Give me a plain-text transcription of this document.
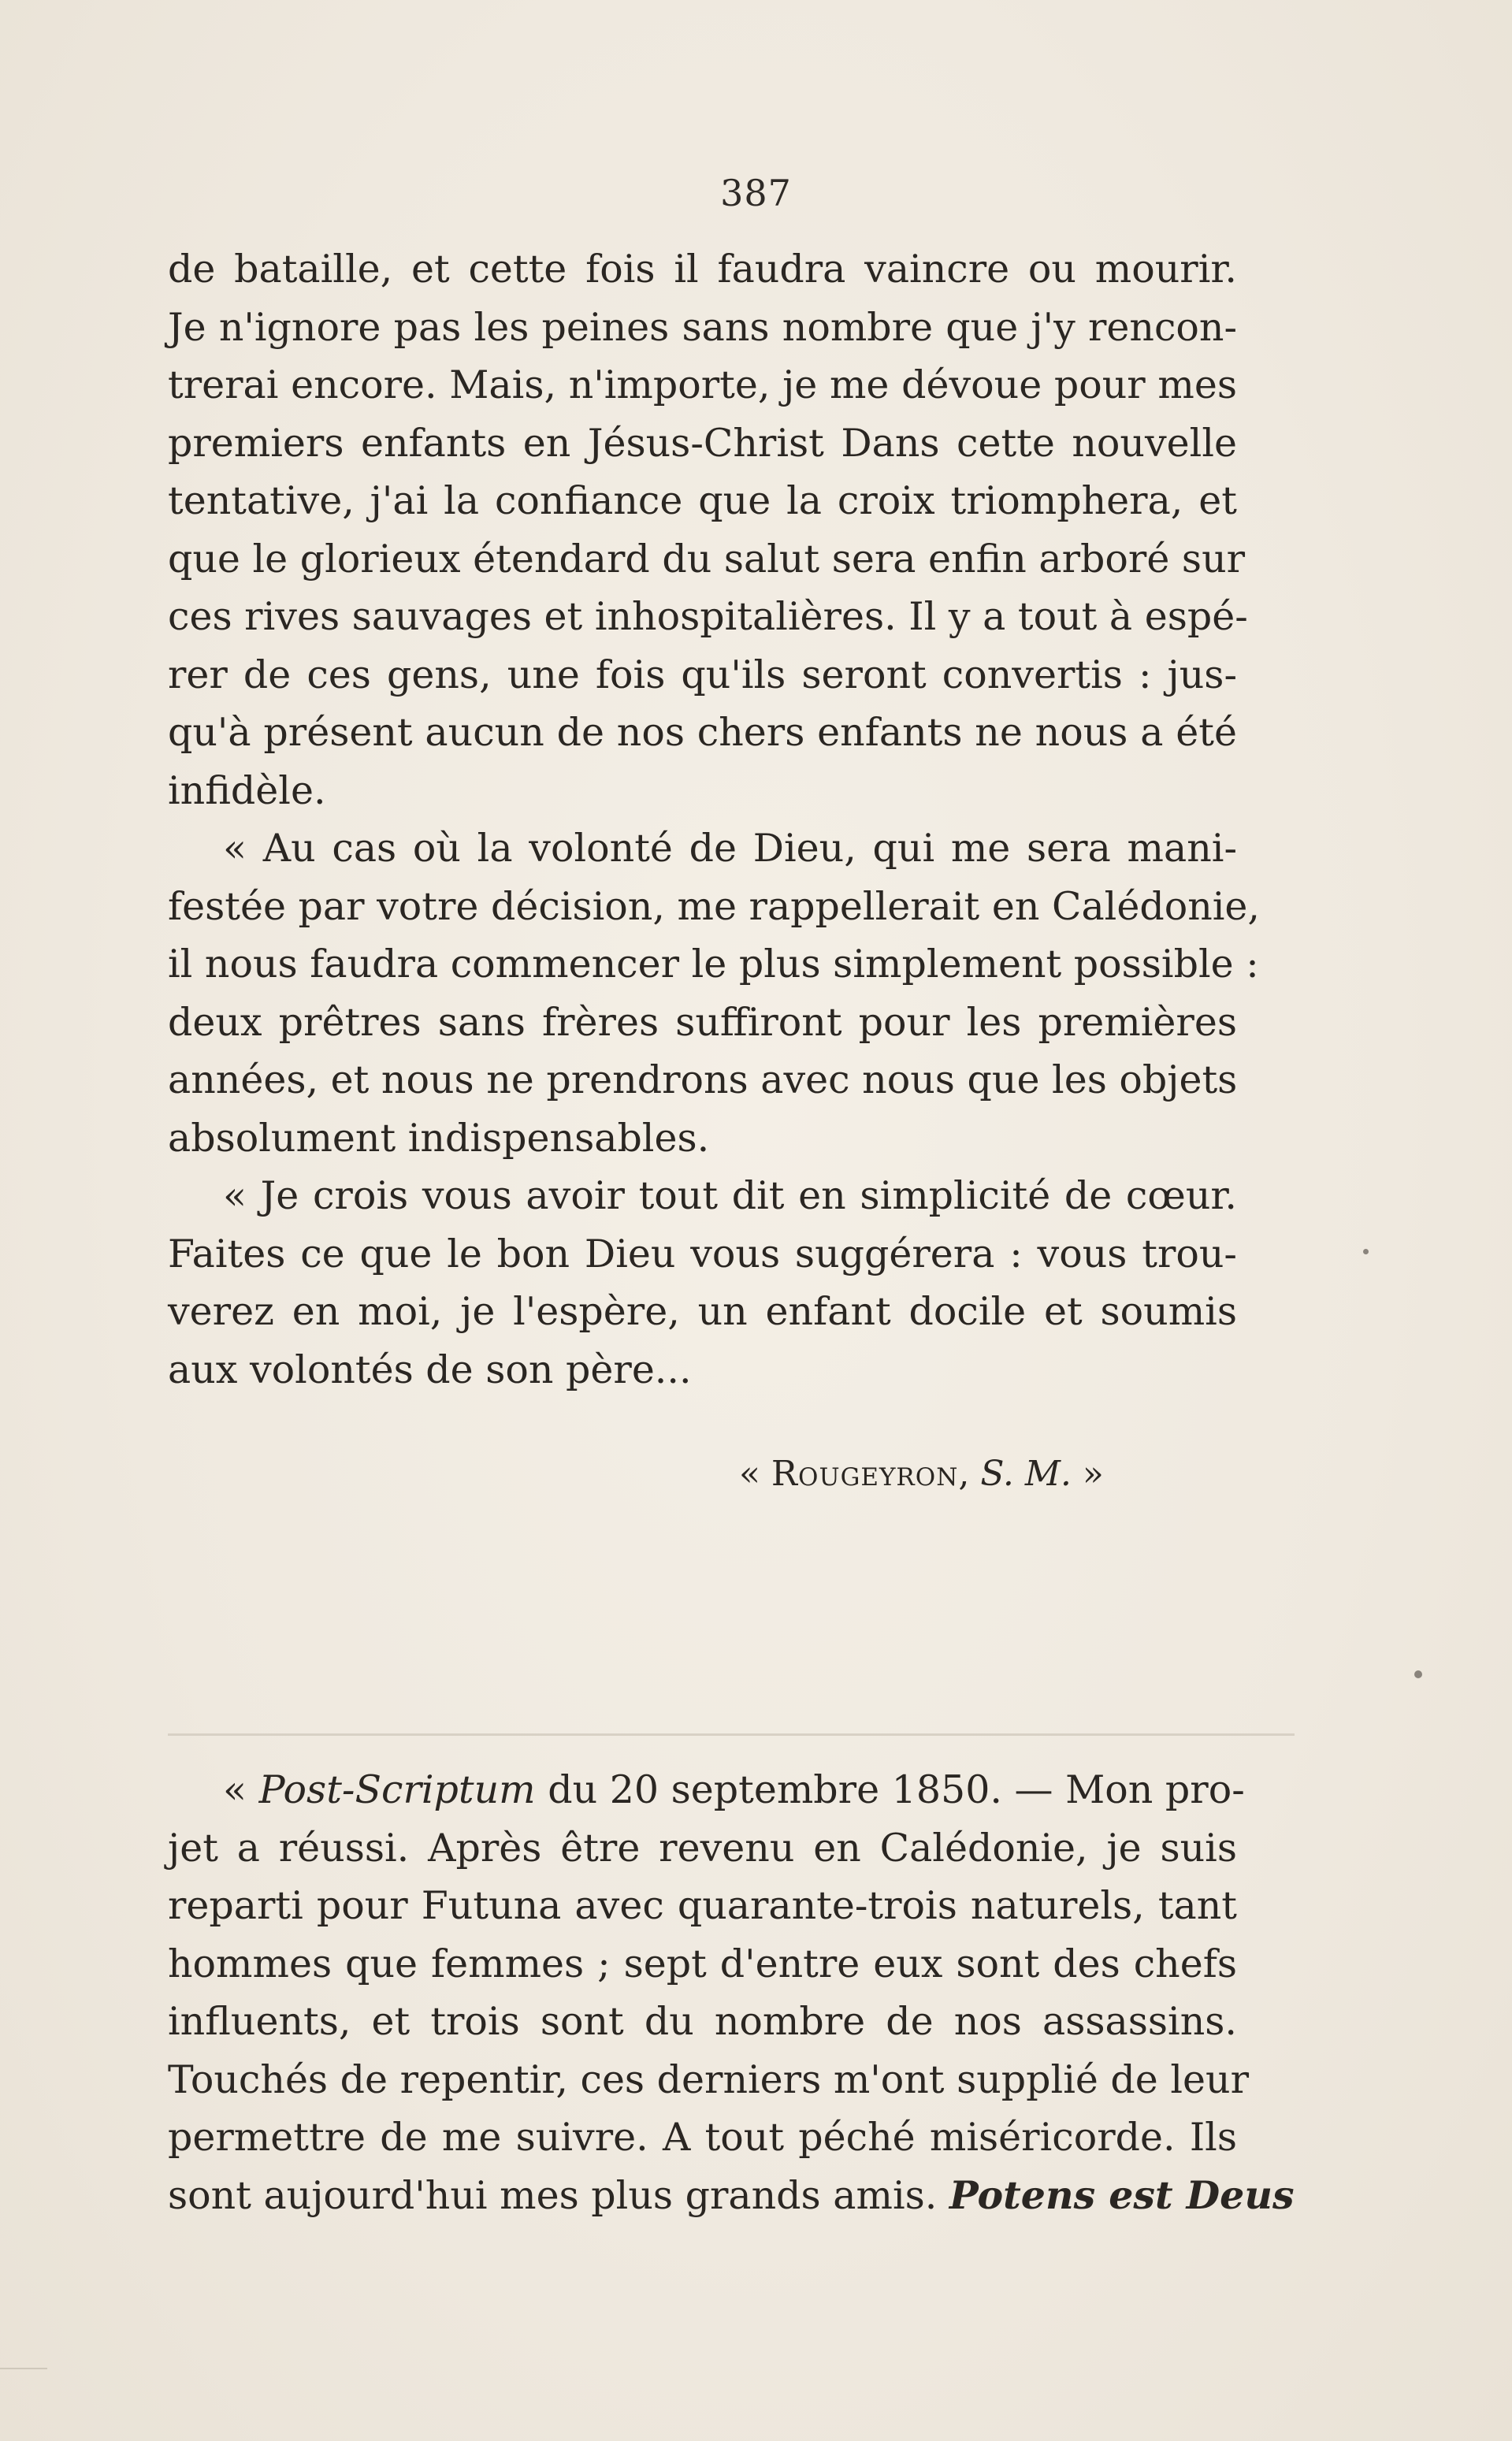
387
de bataille, et cette fois il faudra vaincre ou mourir.
Je n'ignore pas les peines sans nombre que j'y rencon-
trerai encore. Mais, n'importe, je me dévoue pour mes
premiers enfants en Jésus-Christ Dans cette nouvelle
tentative, j'ai la confiance que la croix triomphera, et
que le glorieux étendard du salut sera enfin arboré sur
ces rives sauvages et inhospitalières. Il y a tout à espé-
rer de ces gens, une fois qu'ils seront convertis : jus-
qu'à présent aucun de nos chers enfants ne nous a été
infidèle.
« Au cas où la volonté de Dieu, qui me sera mani-
festée par votre décision, me rappellerait en Calédonie,
il nous faudra commencer le plus simplement possible :
deux prêtres sans frères suffiront pour les premières
années, et nous ne prendrons avec nous que les objets
absolument indispensables.
« Je crois vous avoir tout dit en simplicité de cœur.
Faites ce que le bon Dieu vous suggérera : vous trou-
verez en moi, je l'espère, un enfant docile et soumis
aux volontés de son père...
« Rougeyron, S. M. »
« Post-Scriptum du 20 septembre 1850. — Mon pro-
jet a réussi. Après être revenu en Calédonie, je suis
reparti pour Futuna avec quarante-trois naturels, tant
hommes que femmes ; sept d'entre eux sont des chefs
influents, et trois sont du nombre de nos assassins.
Touchés de repentir, ces derniers m'ont supplié de leur
permettre de me suivre. A tout péché miséricorde. Ils
sont aujourd'hui mes plus grands amis. Potens est Deus
